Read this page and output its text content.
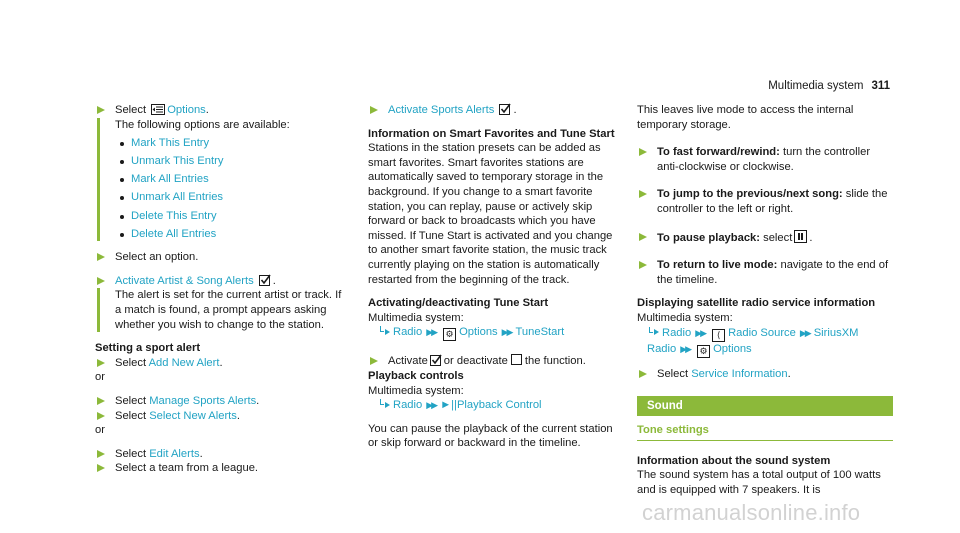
Multimedia system 311
Select Options.
The following options are available:
Mark This Entry
Unmark This Entry
Mark All Entries
Unmark All Entries
Delete This Entry
Delete All Entries
Select an option.
Activate Artist & Song Alerts .
The alert is set for the current artist or track. If a match is found, a prompt appears asking whether you wish to change to the station.
Setting a sport alert
Select Add New Alert.
or
Select Manage Sports Alerts.
Select Select New Alerts.
or
Select Edit Alerts.
Select a team from a league.
Activate Sports Alerts .
Information on Smart Favorites and Tune Start
Stations in the station presets can be added as smart favorites. Smart favorites stations are automatically saved to temporary storage in the background. If you change to a smart favorite station, you can replay, pause or actively skip forward or back to broadcasts which you have missed. If Tune Start is activated and you change to another smart favorite station, the music track currently playing on the station is automatically restarted from the beginning of the track.
Activating/deactivating Tune Start
Multimedia system:
Radio ▶▶ ⚙ Options ▶▶ TuneStart
Activate or deactivate the function.
Playback controls
Multimedia system:
Radio ▶▶ ►||Playback Control
You can pause the playback of the current station or skip forward or backward in the timeline.
This leaves live mode to access the internal temporary storage.
To fast forward/rewind: turn the controller anti-clockwise or clockwise.
To jump to the previous/next song: slide the controller to the left or right.
To pause playback: select .
To return to live mode: navigate to the end of the timeline.
Displaying satellite radio service information
Multimedia system:
Radio ▶▶ ⟨ Radio Source ▶▶ SiriusXM Radio ▶▶ ⚙ Options
Select Service Information.
Sound
Tone settings
Information about the sound system
The sound system has a total output of 100 watts and is equipped with 7 speakers. It is
carmanualsonline.info
